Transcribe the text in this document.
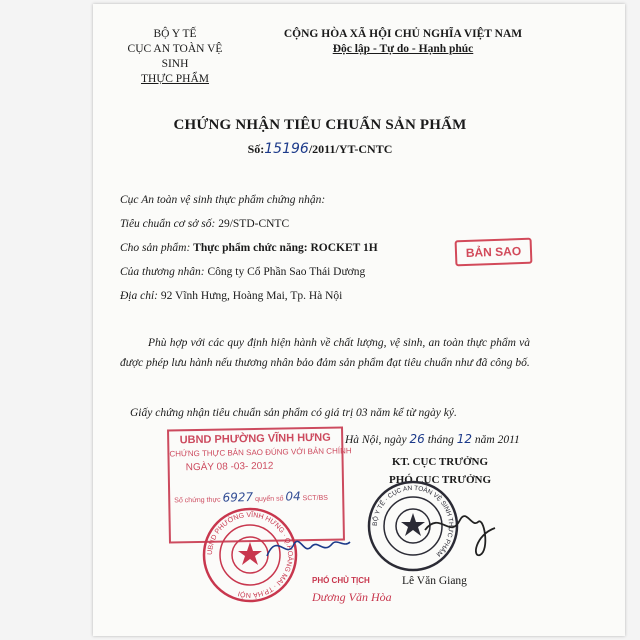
BỘ Y TẾ
CỤC AN TOÀN VỆ SINH
THỰC PHẨM
CỘNG HÒA XÃ HỘI CHỦ NGHĨA VIỆT NAM
Độc lập - Tự do - Hạnh phúc
CHỨNG NHẬN TIÊU CHUẨN SẢN PHẨM
Số:15196/2011/YT-CNTC
Cục An toàn vệ sinh thực phẩm chứng nhận:
Tiêu chuẩn cơ sở số: 29/STD-CNTC
Cho sản phẩm: Thực phẩm chức năng: ROCKET 1H
Của thương nhân: Công ty Cổ Phần Sao Thái Dương
Địa chỉ: 92 Vĩnh Hưng, Hoàng Mai, Tp. Hà Nội
BẢN SAO
Phù hợp với các quy định hiện hành về chất lượng, vệ sinh, an toàn thực phẩm và được phép lưu hành nếu thương nhân bảo đảm sản phẩm đạt tiêu chuẩn như đã công bố.
Giấy chứng nhận tiêu chuẩn sản phẩm có giá trị 03 năm kể từ ngày ký.
Hà Nội, ngày 26 tháng 12 năm 2011
KT. CỤC TRƯỞNG
PHÓ CỤC TRƯỞNG
UBND PHƯỜNG VĨNH HƯNG
CHỨNG THỰC BẢN SAO ĐÚNG VỚI BẢN CHÍNH
NGÀY 08 -03- 2012
Số chứng thực 6927 quyển số 04 SCT/BS
UBND PHƯỜNG VĨNH HƯNG · Q.HOÀNG MAI · TP.HÀ NỘI
BỘ Y TẾ · CỤC AN TOÀN VỆ SINH THỰC PHẨM
PHÓ CHỦ TỊCH
Dương Văn Hòa
Lê Văn Giang
